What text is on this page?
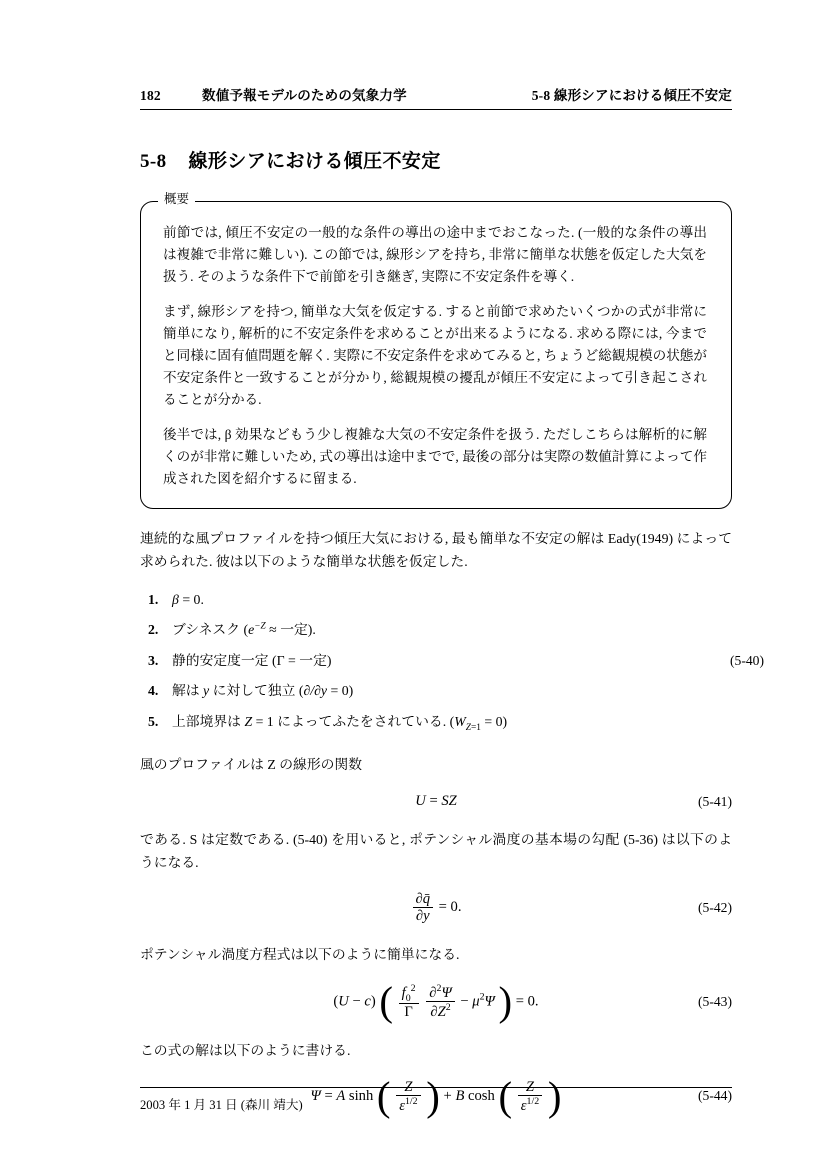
182	数値予報モデルのための気象力学	5-8 線形シアにおける傾圧不安定
5-8 線形シアにおける傾圧不安定
概要

前節では, 傾圧不安定の一般的な条件の導出の途中までおこなった. (一般的な条件の導出は複雑で非常に難しい). この節では, 線形シアを持ち, 非常に簡単な状態を仮定した大気を扱う. そのような条件下で前節を引き継ぎ, 実際に不安定条件を導く.

まず, 線形シアを持つ, 簡単な大気を仮定する. すると前節で求めたいくつかの式が非常に簡単になり, 解析的に不安定条件を求めることが出来るようになる. 求める際には, 今までと同様に固有値問題を解く. 実際に不安定条件を求めてみると, ちょうど総観規模の状態が不安定条件と一致することが分かり, 総観規模の擾乱が傾圧不安定によって引き起こされることが分かる.

後半では, β 効果などもう少し複雑な大気の不安定条件を扱う. ただしこちらは解析的に解くのが非常に難しいため, 式の導出は途中までで, 最後の部分は実際の数値計算によって作成された図を紹介するに留まる.

連続的な風プロファイルを持つ傾圧大気における, 最も簡単な不安定の解は Eady(1949) によって求められた. 彼は以下のような簡単な状態を仮定した.

β = 0.
ブシネスク ($e^{-Z}$ ≈ 一定).
静的安定度一定 (Γ = 一定)	(5-40)
解は y に対して独立 (∂/∂y = 0)
上部境界は Z = 1 によってふたをされている. $(W_{Z=1} = 0)$

風のプロファイルは Z の線形の関数

U = SZ	(5-41)

である. S は定数である. (5-40) を用いると, ポテンシャル渦度の基本場の勾配 (5-36) は以下のようになる.

$\frac{\partial q̄}{\partial y} = 0$.	(5-42)

ポテンシャル渦度方程式は以下のように簡単になる.

(U − c) ( $\frac{f_0^2}{\Gamma}$
$\frac{\partial^2\Psi}{\partial Z^2} - \mu^2\Psi$ ) = 0.	(5-43)

この式の解は以下のように書ける.

Ψ = A sinh ( $\frac{Z}{\varepsilon^{1/2}}$ ) + B cosh ( $\frac{Z}{\varepsilon^{1/2}}$ )	(5-44)
2003 年 1 月 31 日 (森川 靖大)
